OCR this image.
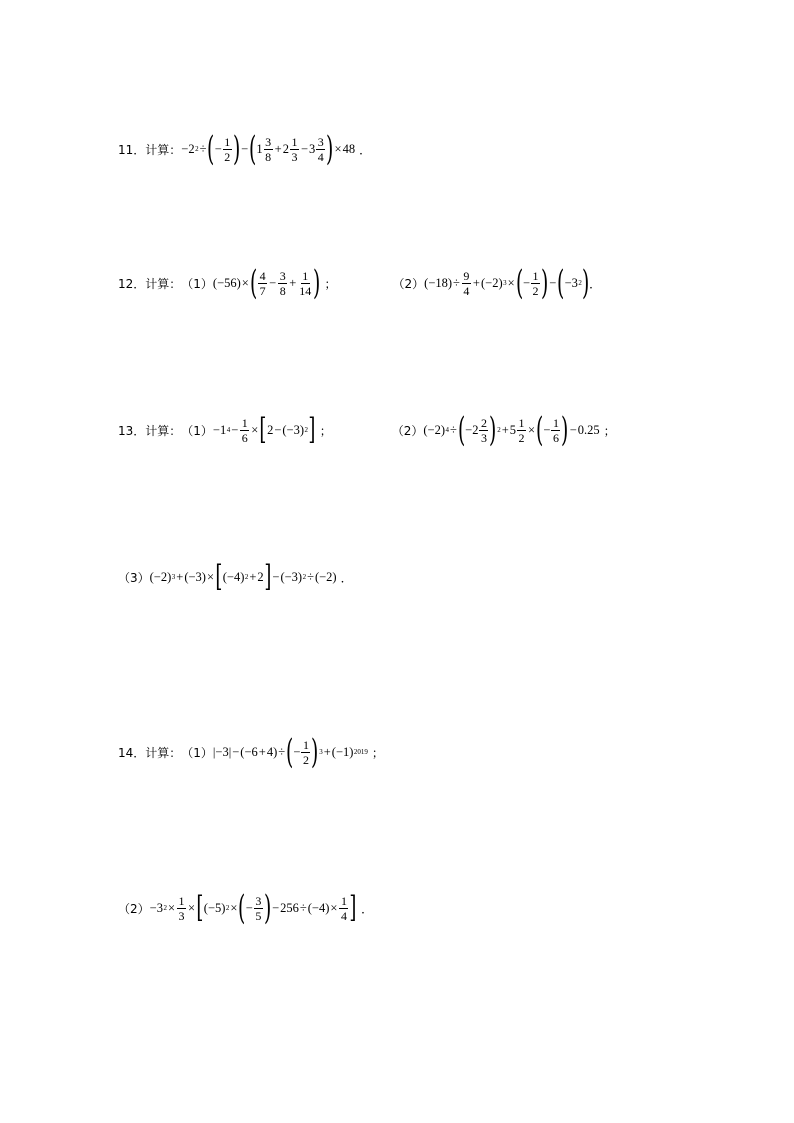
11．计算： −2 2 ÷ ( − $\frac{1}{2}$ ) − ( $1 \frac{3}{8} + 2 \frac{1}{3} - 3 \frac{3}{4}$ ) × 48 ．
12．计算： （1） (−56) × ( $\frac{4}{7} - \frac{3}{8} + \frac{1}{14}$ ) ；	（2） $(-18) \div \frac{9}{4} + (-2) 3$ × ( − $\frac{1}{2}$ ) − ( −3 2 ) ．
13．计算： （1） −1 $4 - \frac{1}{6}$ × [ 2 − (−3) 2 ] ；	（2） (−2) 4 ÷ ( $-2 \frac{2}{3}$ ) $2 + 5 \frac{1}{2}$ × ( − $\frac{1}{6}$ ) − 0.25 ；
（3） (−2) 3 + (−3) × [ (−4) 2 + 2 ] − (−3) 2 ÷ (−2) ．
14．计算： （1） |−3| − (−6 + 4) ÷ ( − $\frac{1}{2}$ ) 3 + (−1) 2019 ；
（2） −3 $2 \times \frac{1}{3}$ × [ (−5) 2 × ( − $\frac{3}{5}$ ) − $256 \div (-4) \times \frac{1}{4}$ ] ．
